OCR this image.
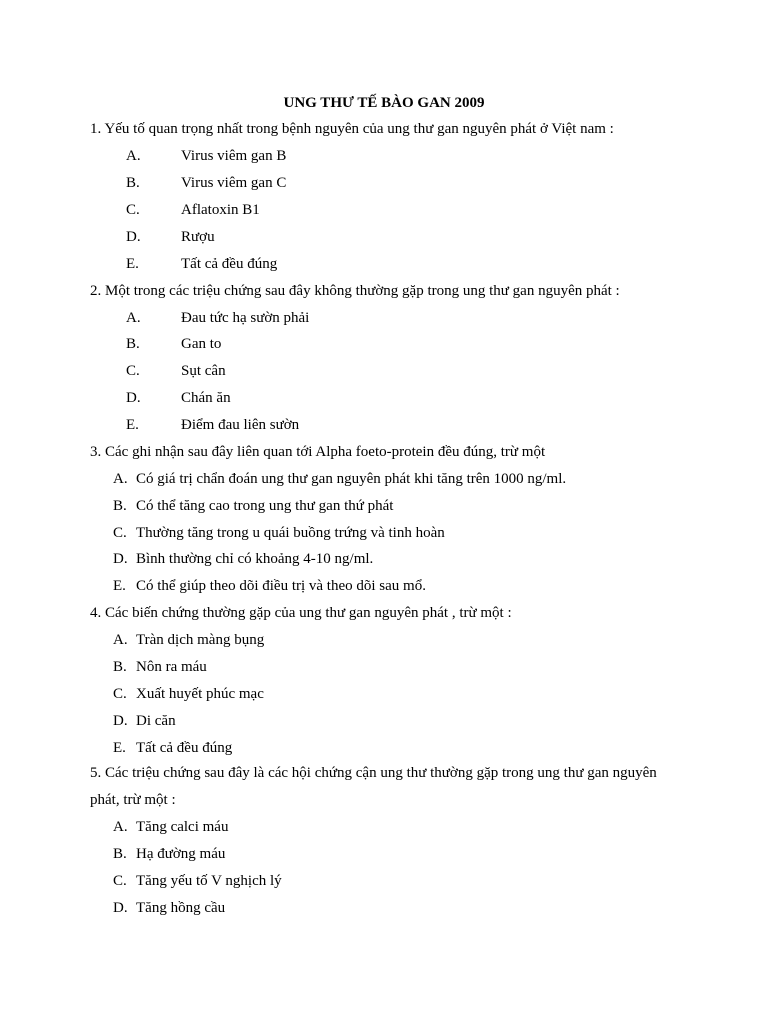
UNG THƯ TẾ BÀO GAN 2009
1. Yếu tố quan trọng nhất trong bệnh nguyên của ung thư gan nguyên phát ở Việt nam :
A.	Virus viêm gan B
B.	Virus viêm gan C
C.	Aflatoxin B1
D.	Rượu
E.	Tất cả đều đúng
2. Một trong các triệu chứng sau đây không thường gặp trong ung thư gan nguyên phát :
A.	Đau tức hạ sườn phải
B.	Gan to
C.	Sụt cân
D.	Chán ăn
E.	Điểm đau liên sườn
3. Các ghi nhận sau đây liên quan tới Alpha foeto-protein đều đúng, trừ một
A. Có giá trị chẩn đoán ung thư gan nguyên phát khi tăng trên 1000 ng/ml.
B. Có thể tăng cao trong ung thư gan thứ phát
C. Thường tăng trong u quái buồng trứng và tinh hoàn
D. Bình thường chỉ có khoảng 4-10 ng/ml.
E. Có thể giúp theo dõi điều trị và theo dõi sau mổ.
4. Các biến chứng thường gặp của ung thư gan nguyên phát , trừ một :
A. Tràn dịch màng bụng
B. Nôn ra máu
C. Xuất huyết phúc mạc
D. Di căn
E. Tất cả đều đúng
5. Các triệu chứng sau đây là các hội chứng cận ung thư thường gặp trong ung thư gan nguyên
phát, trừ một :
A. Tăng calci máu
B. Hạ đường máu
C. Tăng yếu tố V nghịch lý
D. Tăng hồng cầu
